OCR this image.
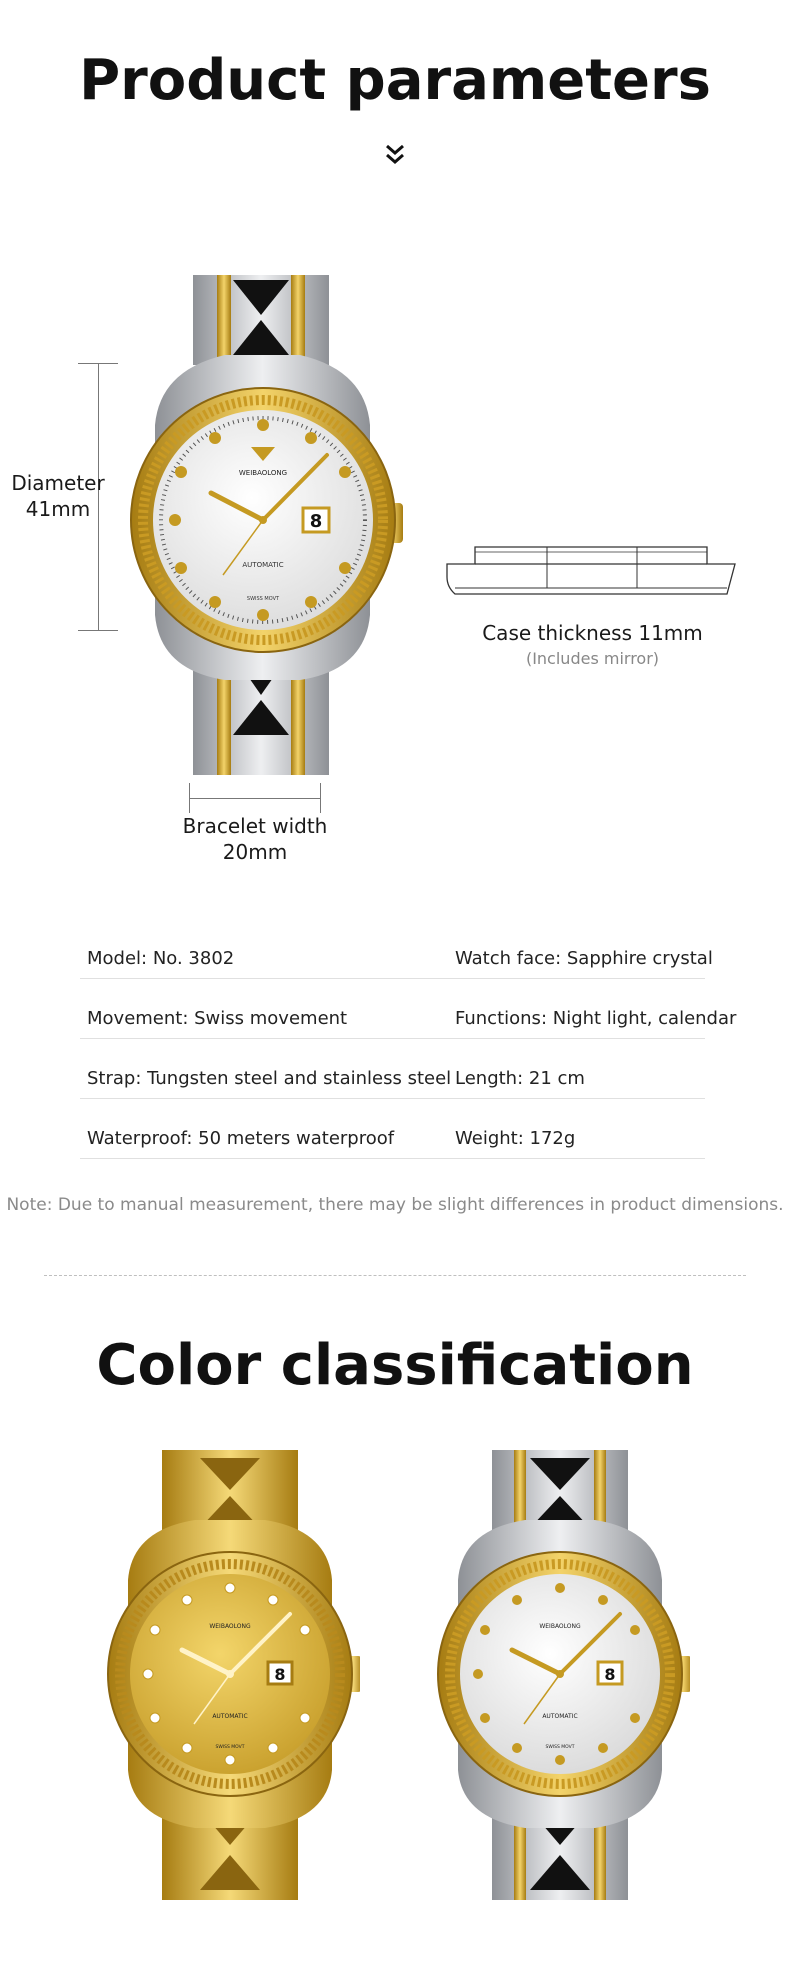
Product parameters
WEIBAOLONG
AUTOMATIC
SWISS MOVT
8
Diameter
41mm
Case thickness 11mm
(Includes mirror)
Bracelet width
20mm
Model: No. 3802	Watch face: Sapphire crystal
Movement: Swiss movement	Functions: Night light, calendar
Strap: Tungsten steel and stainless steel Length: 21 cm
Waterproof: 50 meters waterproof	Weight: 172g
Note: Due to manual measurement, there may be slight differences in product dimensions.
Color classification
8
WEIBAOLONG
AUTOMATIC
SWISS MOVT
8
WEIBAOLONG
AUTOMATIC
SWISS MOVT
